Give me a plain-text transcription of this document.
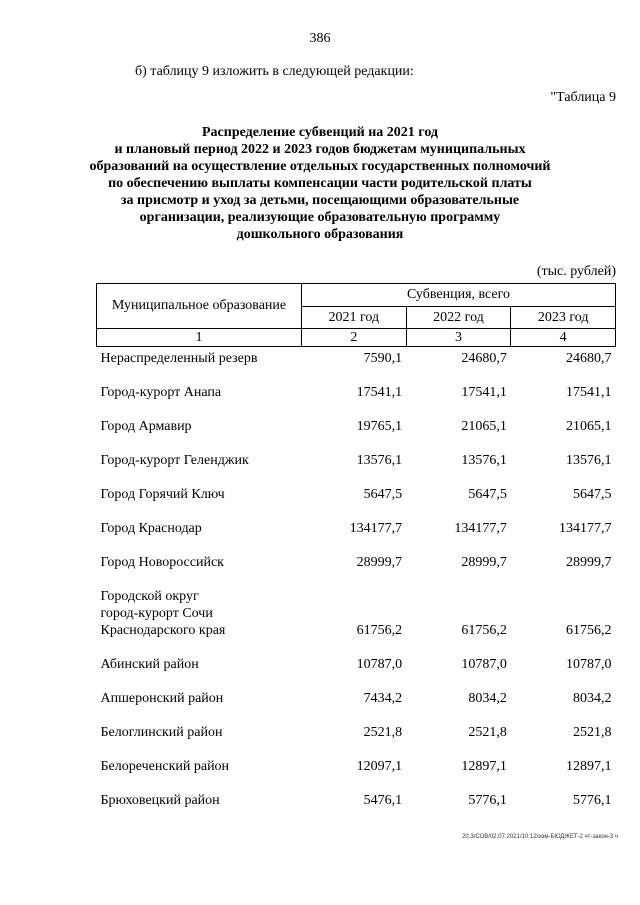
386
б) таблицу 9 изложить в следующей редакции:
"Таблица 9
Распределение субвенций на 2021 год
и плановый период 2022 и 2023 годов бюджетам муниципальных
образований на осуществление отдельных государственных полномочий
по обеспечению выплаты компенсации части родительской платы
за присмотр и уход за детьми, посещающими образовательные
организации, реализующие образовательную программу
дошкольного образования
(тыс. рублей)
Муниципальное образование	Субвенция, всего		
	2021 год	2022 год	2023 год
1	2	3	4

Нераспределенный резерв	7590,1	24680,7	24680,7

Город-курорт Анапа	17541,1	17541,1	17541,1

Город Армавир	19765,1	21065,1	21065,1

Город-курорт Геленджик	13576,1	13576,1	13576,1

Город Горячий Ключ	5647,5	5647,5	5647,5

Город Краснодар	134177,7	134177,7	134177,7

Город Новороссийск	28999,7	28999,7	28999,7

Городской округ
город-курорт Сочи
Краснодарского края	61756,2	61756,2	61756,2

Абинский район	10787,0	10787,0	10787,0

Апшеронский район	7434,2	8034,2	8034,2

Белоглинский район	2521,8	2521,8	2521,8

Белореченский район	12097,1	12897,1	12897,1

Брюховецкий район	5476,1	5776,1	5776,1
20.3/СОВ/02.07.2021/10:12/изм-БЮДЖЕТ-2 чт-закон-3 ч
